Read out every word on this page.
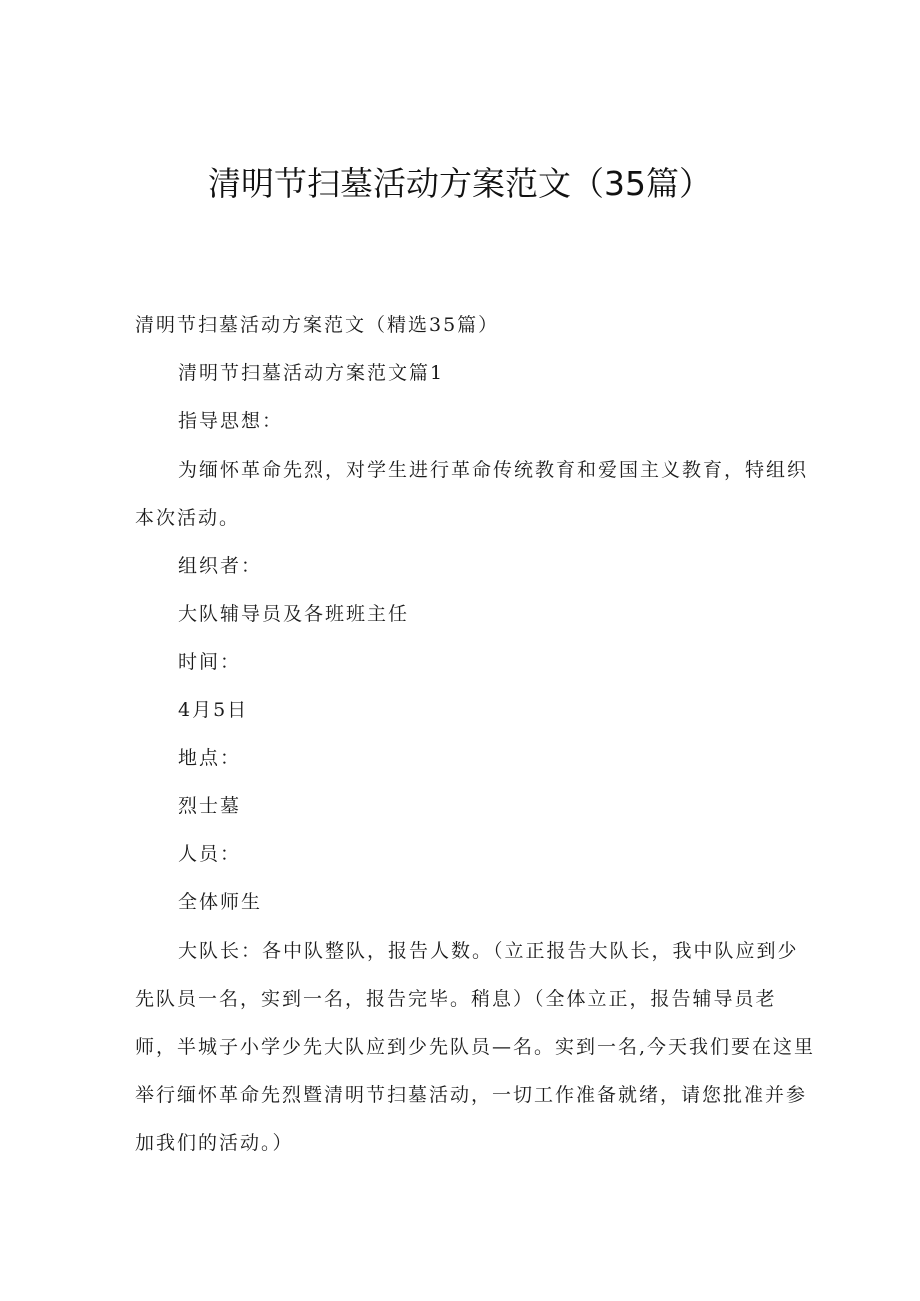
清明节扫墓活动方案范文（35篇）
清明节扫墓活动方案范文（精选35篇）
清明节扫墓活动方案范文篇1
指导思想：
为缅怀革命先烈，对学生进行革命传统教育和爱国主义教育，特组织
本次活动。
组织者：
大队辅导员及各班班主任
时间：
4月5日
地点：
烈士墓
人员：
全体师生
大队长：各中队整队，报告人数。（立正报告大队长，我中队应到少
先队员一名，实到一名，报告完毕。稍息）（全体立正，报告辅导员老
师，半城子小学少先大队应到少先队员—名。实到一名,今天我们要在这里
举行缅怀革命先烈暨清明节扫墓活动，一切工作准备就绪，请您批准并参
加我们的活动。）
